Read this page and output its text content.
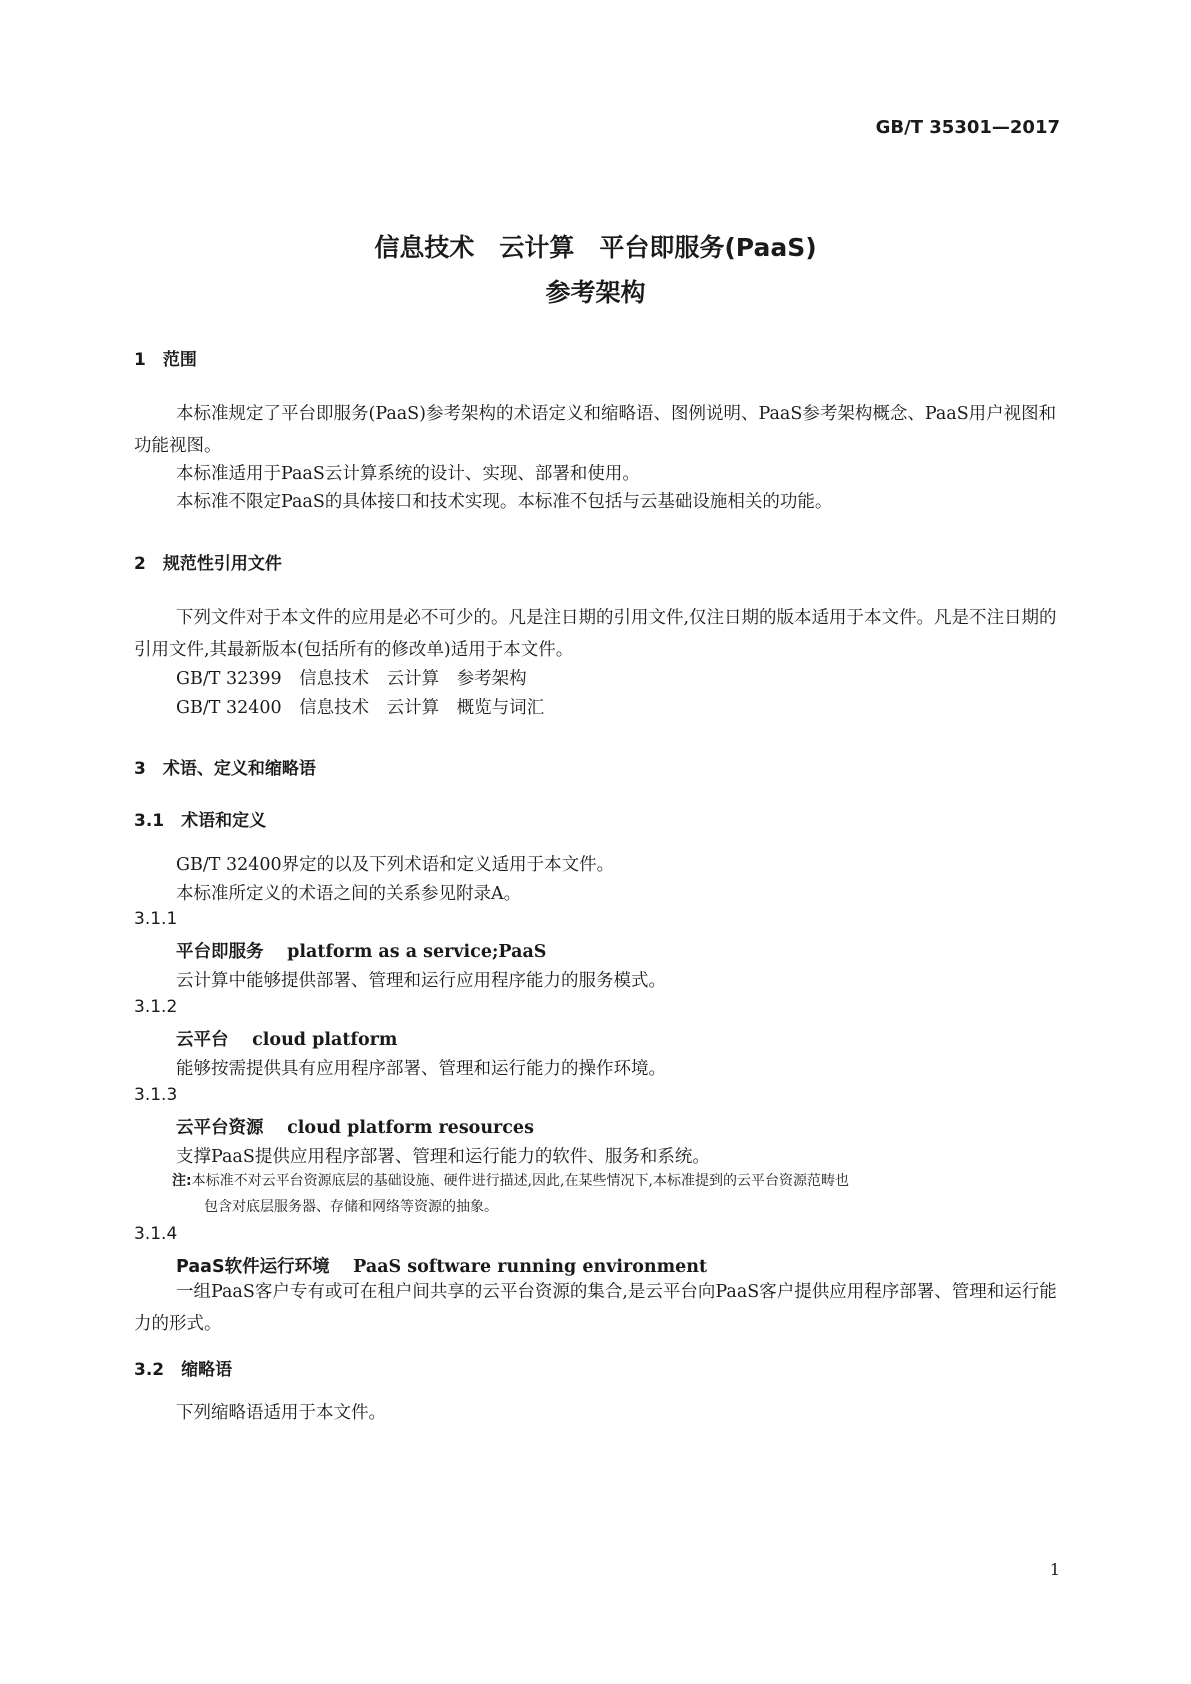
GB/T 35301—2017
信息技术　云计算　平台即服务(PaaS)
参考架构
1　范围
本标准规定了平台即服务(PaaS)参考架构的术语定义和缩略语、图例说明、PaaS参考架构概念、PaaS用户视图和功能视图。
本标准适用于PaaS云计算系统的设计、实现、部署和使用。
本标准不限定PaaS的具体接口和技术实现。本标准不包括与云基础设施相关的功能。
2　规范性引用文件
下列文件对于本文件的应用是必不可少的。凡是注日期的引用文件,仅注日期的版本适用于本文件。凡是不注日期的引用文件,其最新版本(包括所有的修改单)适用于本文件。
GB/T 32399　信息技术　云计算　参考架构
GB/T 32400　信息技术　云计算　概览与词汇
3　术语、定义和缩略语
3.1　术语和定义
GB/T 32400界定的以及下列术语和定义适用于本文件。
本标准所定义的术语之间的关系参见附录A。
3.1.1
平台即服务　 platform as a service;PaaS
云计算中能够提供部署、管理和运行应用程序能力的服务模式。
3.1.2
云平台　 cloud platform
能够按需提供具有应用程序部署、管理和运行能力的操作环境。
3.1.3
云平台资源　 cloud platform resources
支撑PaaS提供应用程序部署、管理和运行能力的软件、服务和系统。
注:本标准不对云平台资源底层的基础设施、硬件进行描述,因此,在某些情况下,本标准提到的云平台资源范畴也
包含对底层服务器、存储和网络等资源的抽象。
3.1.4
PaaS软件运行环境　 PaaS software running environment
一组PaaS客户专有或可在租户间共享的云平台资源的集合,是云平台向PaaS客户提供应用程序部署、管理和运行能力的形式。
3.2　缩略语
下列缩略语适用于本文件。
1
